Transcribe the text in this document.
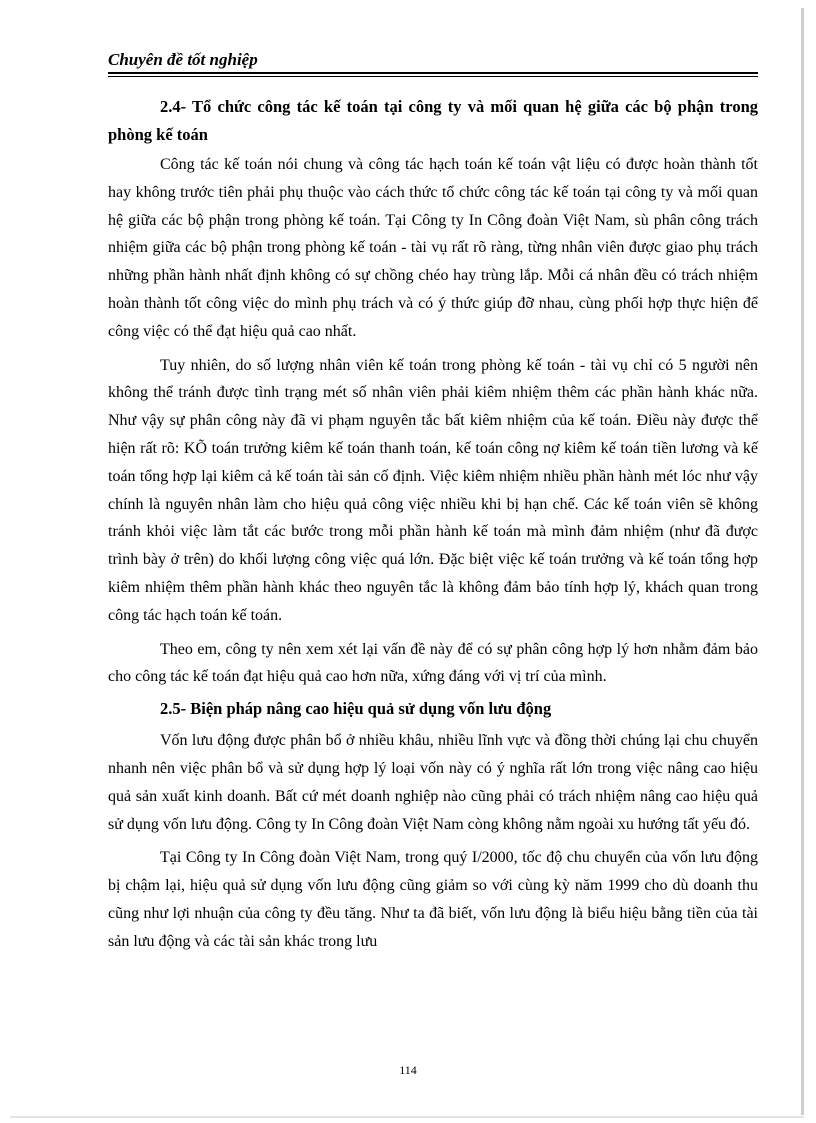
Chuyên đề tốt nghiệp

2.4- Tổ chức công tác kế toán tại công ty và mối quan hệ giữa các bộ phận trong phòng kế toán

Công tác kế toán nói chung và công tác hạch toán kế toán vật liệu có được hoàn thành tốt hay không trước tiên phải phụ thuộc vào cách thức tổ chức công tác kế toán tại công ty và mối quan hệ giữa các bộ phận trong phòng kế toán. Tại Công ty In Công đoàn Việt Nam, sù phân công trách nhiệm giữa các bộ phận trong phòng kế toán - tài vụ rất rõ ràng, từng nhân viên được giao phụ trách những phần hành nhất định không có sự chồng chéo hay trùng lắp. Mỗi cá nhân đều có trách nhiệm hoàn thành tốt công việc do mình phụ trách và có ý thức giúp đỡ nhau, cùng phối hợp thực hiện để công việc có thể đạt hiệu quả cao nhất.

Tuy nhiên, do số lượng nhân viên kế toán trong phòng kế toán - tài vụ chỉ có 5 người nên không thể tránh được tình trạng mét số nhân viên phải kiêm nhiệm thêm các phần hành khác nữa. Như vậy sự phân công này đã vi phạm nguyên tắc bất kiêm nhiệm của kế toán. Điều này được thể hiện rất rõ: KÕ toán trưởng kiêm kế toán thanh toán, kế toán công nợ kiêm kế toán tiền lương và kế toán tổng hợp lại kiêm cả kế toán tài sản cố định. Việc kiêm nhiệm nhiều phần hành mét lóc như vậy chính là nguyên nhân làm cho hiệu quả công việc nhiều khi bị hạn chế. Các kế toán viên sẽ không tránh khỏi việc làm tắt các bước trong mỗi phần hành kế toán mà mình đảm nhiệm (như đã được trình bày ở trên) do khối lượng công việc quá lớn. Đặc biệt việc kế toán trưởng và kế toán tổng hợp kiêm nhiệm thêm phần hành khác theo nguyên tắc là không đảm bảo tính hợp lý, khách quan trong công tác hạch toán kế toán.

Theo em, công ty nên xem xét lại vấn đề này để có sự phân công hợp lý hơn nhằm đảm bảo cho công tác kế toán đạt hiệu quả cao hơn nữa, xứng đáng với vị trí của mình.

2.5- Biện pháp nâng cao hiệu quả sử dụng vốn lưu động

Vốn lưu động được phân bổ ở nhiều khâu, nhiều lĩnh vực và đồng thời chúng lại chu chuyển nhanh nên việc phân bổ và sử dụng hợp lý loại vốn này có ý nghĩa rất lớn trong việc nâng cao hiệu quả sản xuất kinh doanh. Bất cứ mét doanh nghiệp nào cũng phải có trách nhiệm nâng cao hiệu quả sử dụng vốn lưu động. Công ty In Công đoàn Việt Nam còng không nằm ngoài xu hướng tất yếu đó.

Tại Công ty In Công đoàn Việt Nam, trong quý I/2000, tốc độ chu chuyển của vốn lưu động bị chậm lại, hiệu quả sử dụng vốn lưu động cũng giảm so với cùng kỳ năm 1999 cho dù doanh thu cũng như lợi nhuận của công ty đều tăng. Như ta đã biết, vốn lưu động là biểu hiệu bằng tiền của tài sản lưu động và các tài sản khác trong lưu

114
